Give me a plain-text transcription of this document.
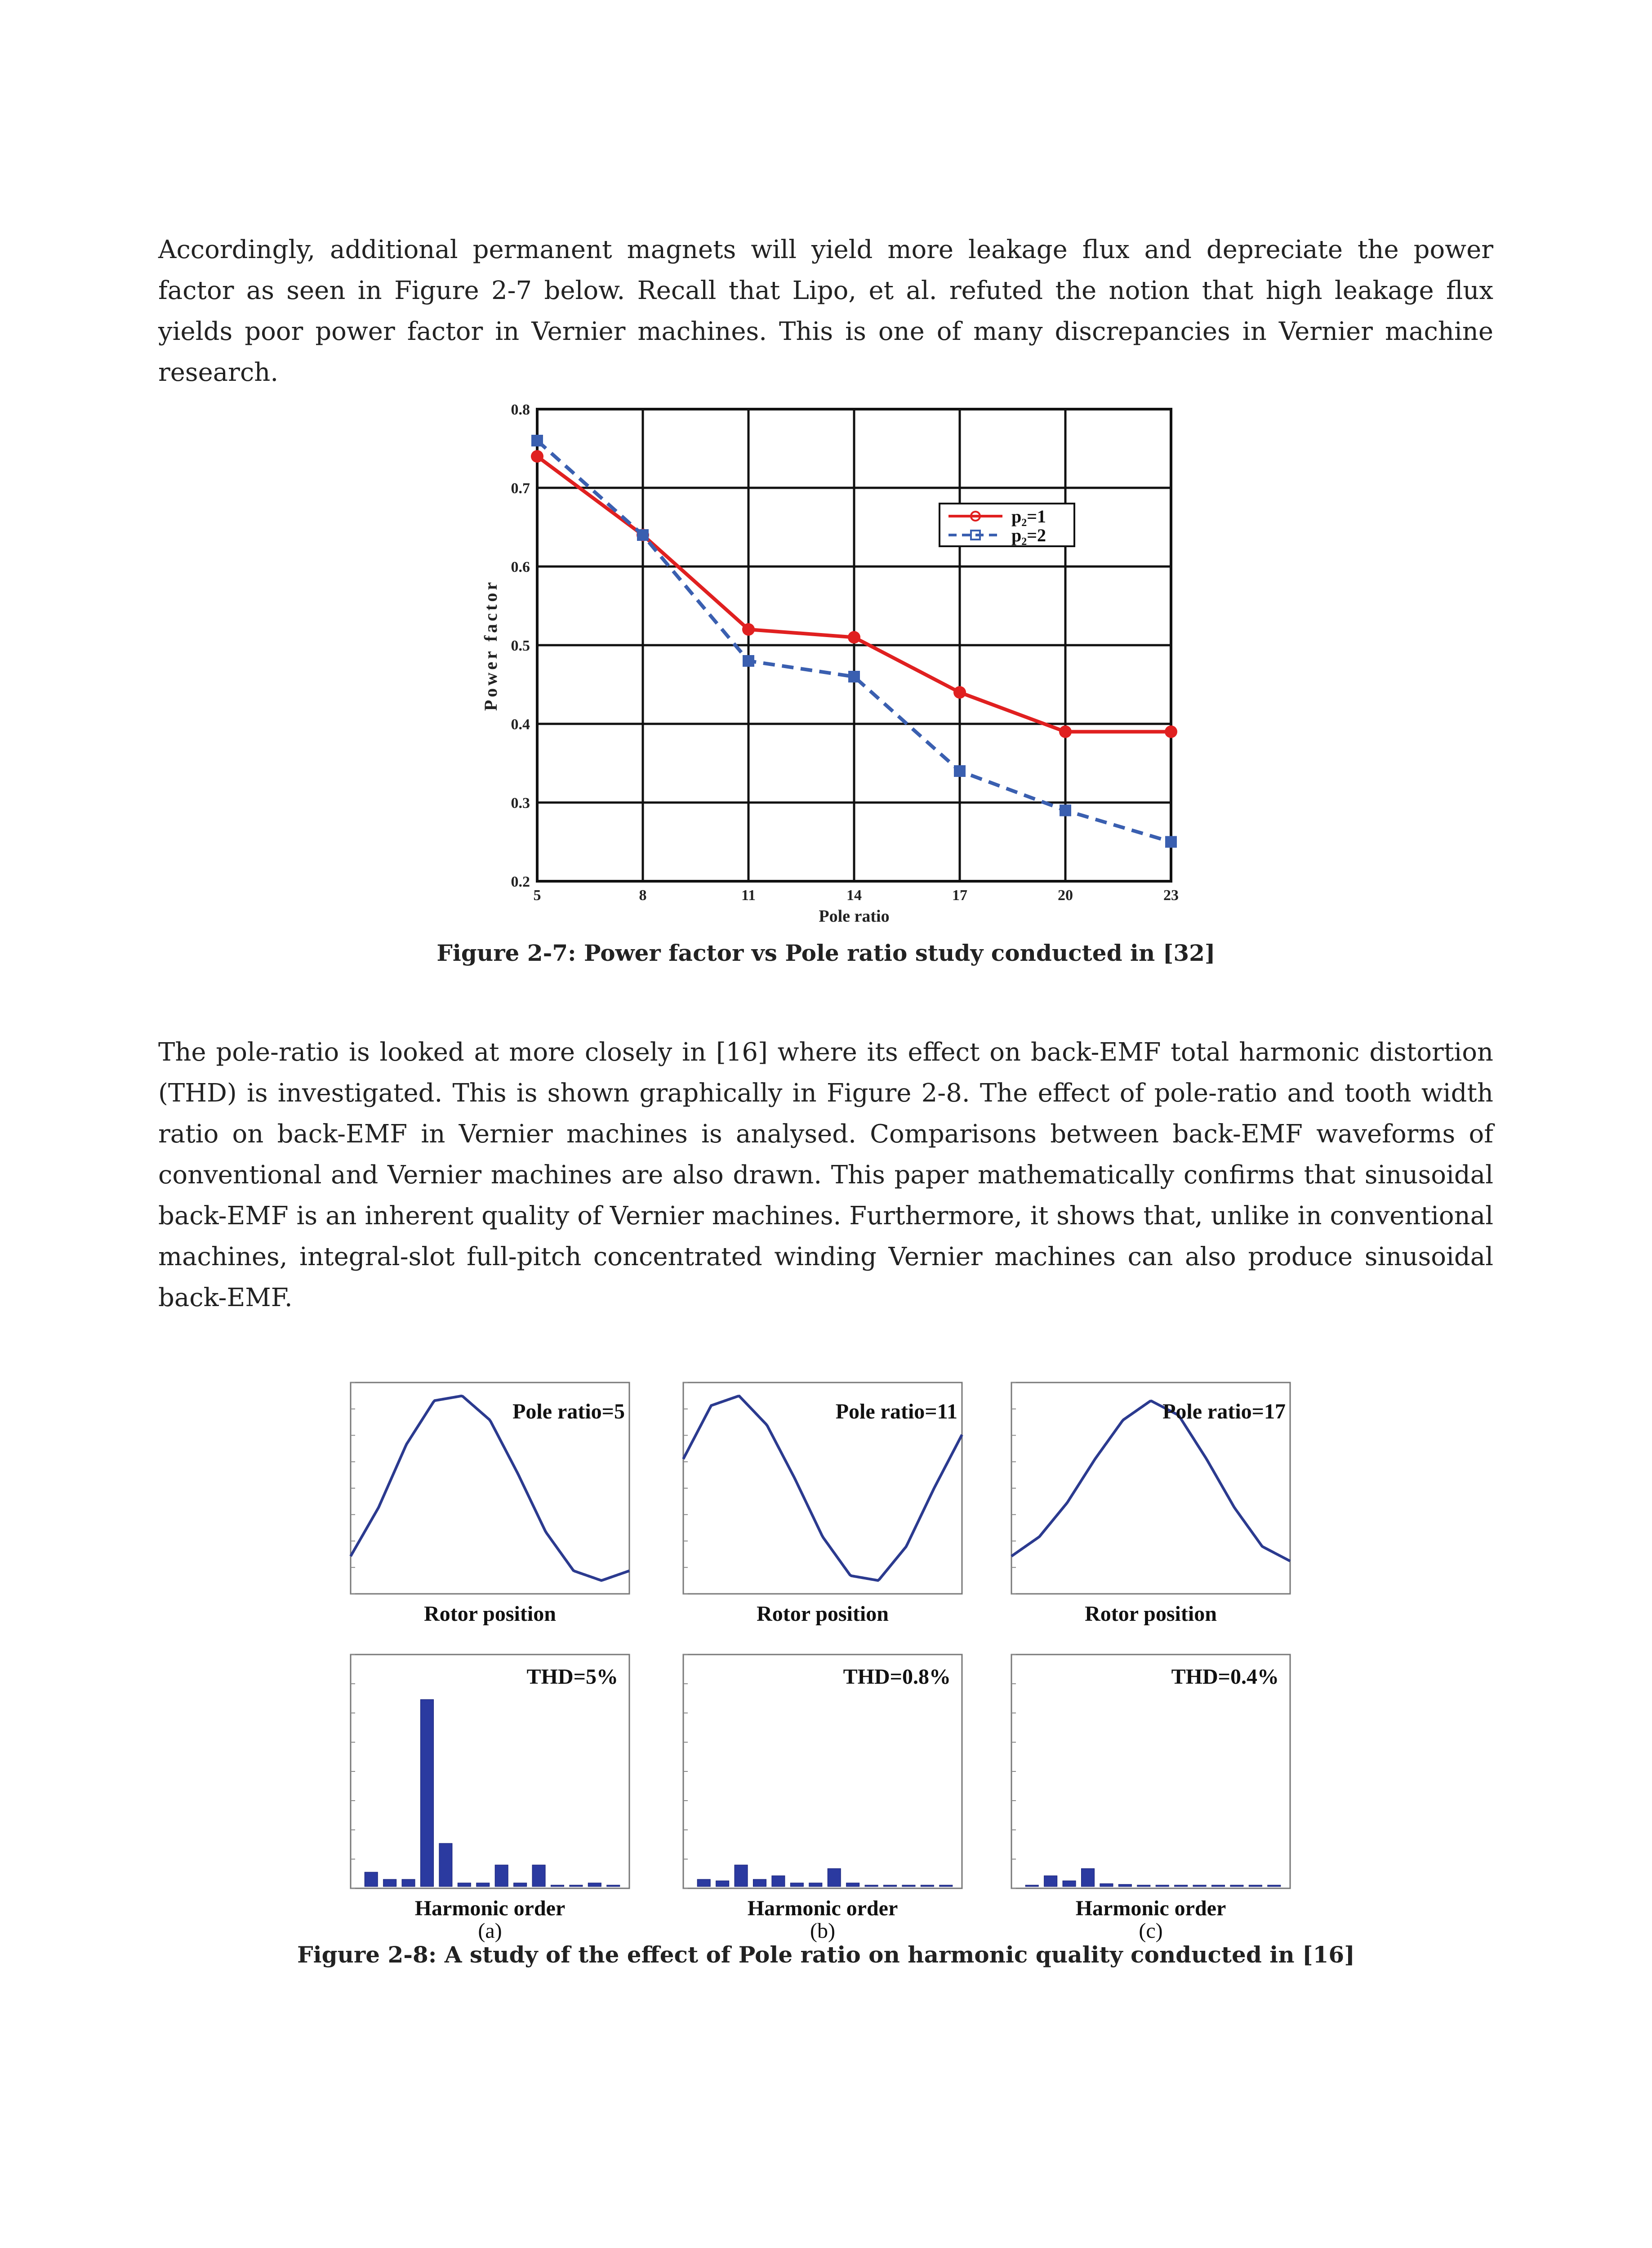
Accordingly, additional permanent magnets will yield more leakage flux and depreciate the power factor as seen in Figure 2-7 below. Recall that Lipo, et al. refuted the notion that high leakage flux yields poor power factor in Vernier machines. This is one of many discrepancies in Vernier machine research.

5	8	11	14	17	20	23
0.2
0.3
0.4
0.5
0.6
0.7
0.8
Pole ratio
Power factor
p₂=1
p₂=2

Figure 2-7: Power factor vs Pole ratio study conducted in [32]

The pole-ratio is looked at more closely in [16] where its effect on back-EMF total harmonic distortion (THD) is investigated. This is shown graphically in Figure 2-8. The effect of pole-ratio and tooth width ratio on back-EMF in Vernier machines is analysed. Comparisons between back-EMF waveforms of conventional and Vernier machines are also drawn. This paper mathematically confirms that sinusoidal back-EMF is an inherent quality of Vernier machines. Furthermore, it shows that, unlike in conventional machines, integral-slot full-pitch concentrated winding Vernier machines can also produce sinusoidal back-EMF.

Pole ratio=5
Rotor position
Pole ratio=11
Rotor position
Pole ratio=17
Rotor position
THD=5%
Harmonic order
(a)
THD=0.8%
Harmonic order
(b)
THD=0.4%
Harmonic order
(c)

Figure 2-8: A study of the effect of Pole ratio on harmonic quality conducted in [16]
